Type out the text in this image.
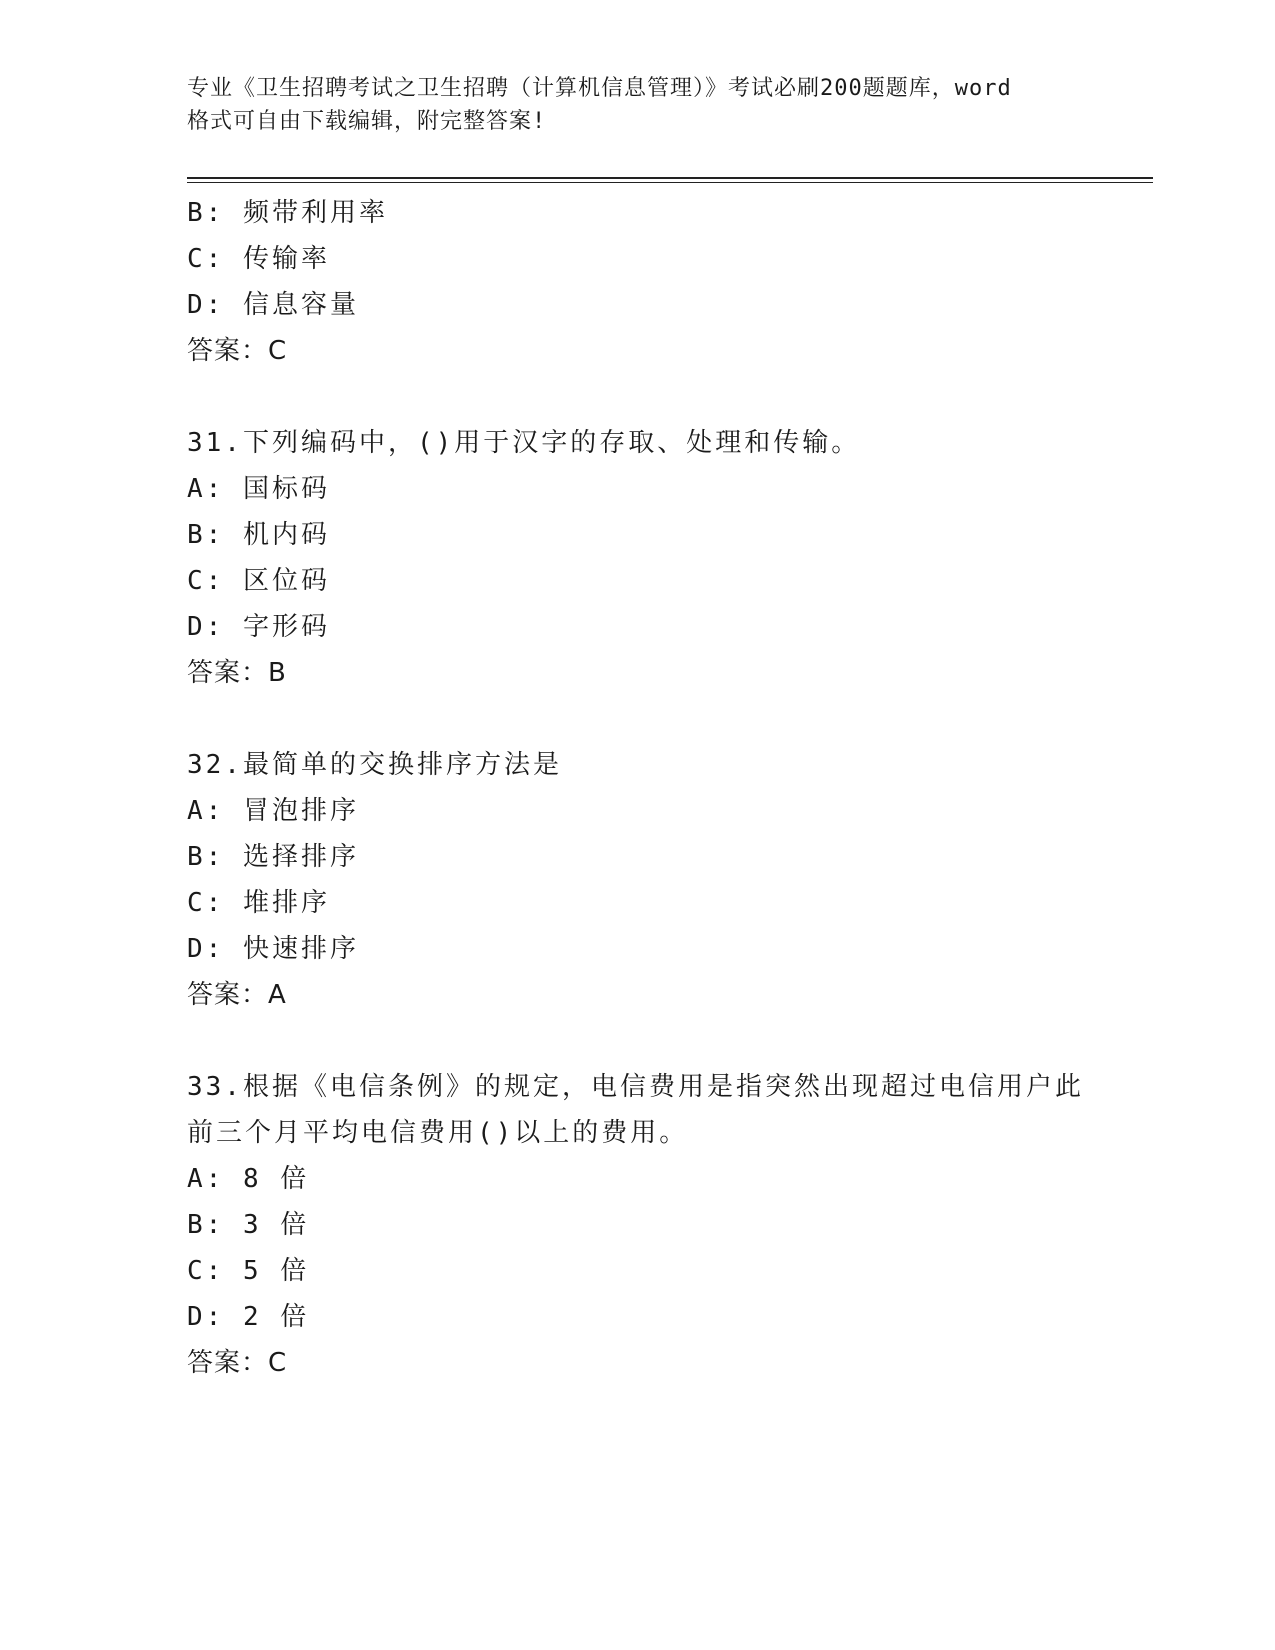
专业《卫生招聘考试之卫生招聘（计算机信息管理）》考试必刷200题题库，word
格式可自由下载编辑，附完整答案!
B: 频带利用率
C: 传输率
D: 信息容量
答案：C
31.下列编码中，()用于汉字的存取、处理和传输。
A: 国标码
B: 机内码
C: 区位码
D: 字形码
答案：B
32.最简单的交换排序方法是
A: 冒泡排序
B: 选择排序
C: 堆排序
D: 快速排序
答案：A
33.根据《电信条例》的规定，电信费用是指突然出现超过电信用户此
前三个月平均电信费用()以上的费用。
A: 8 倍
B: 3 倍
C: 5 倍
D: 2 倍
答案：C
